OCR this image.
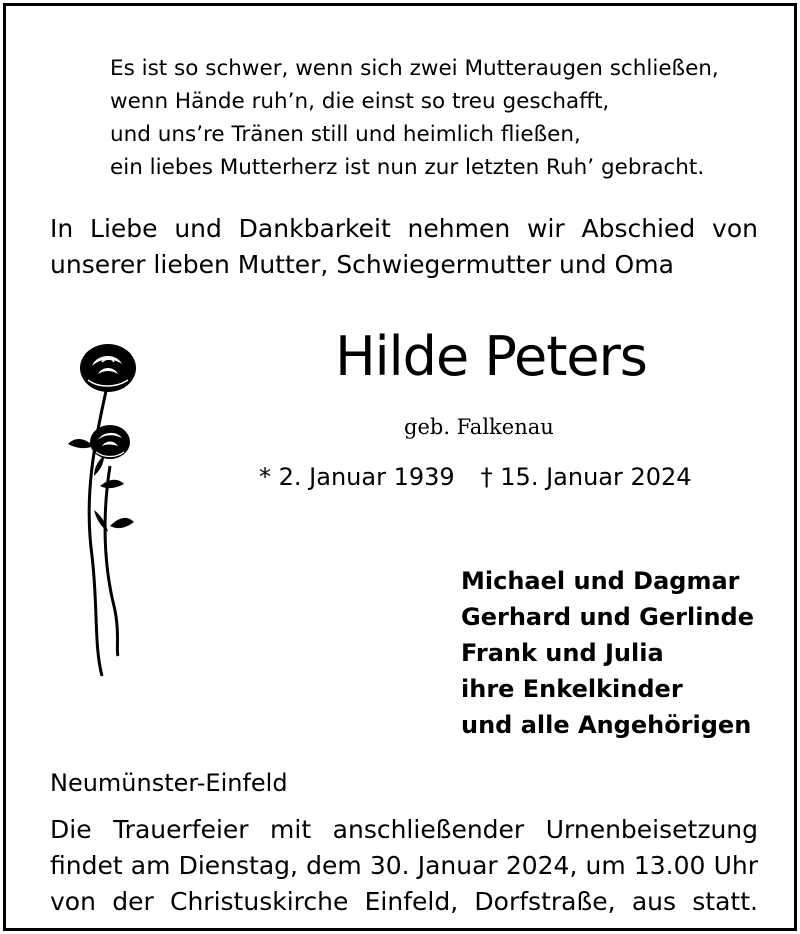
Es ist so schwer, wenn sich zwei Mutteraugen schließen,
wenn Hände ruh’n, die einst so treu geschafft,
und uns’re Tränen still und heimlich fließen,
ein liebes Mutterherz ist nun zur letzten Ruh’ gebracht.
In Liebe und Dankbarkeit nehmen wir Abschied von
unserer lieben Mutter, Schwiegermutter und Oma
Hilde Peters
geb. Falkenau
* 2. Januar 1939 † 15. Januar 2024
Michael und Dagmar
Gerhard und Gerlinde
Frank und Julia
ihre Enkelkinder
und alle Angehörigen
Neumünster-Einfeld
Die Trauerfeier mit anschließender Urnenbeisetzung
findet am Dienstag, dem 30. Januar 2024, um 13.00 Uhr
von der Christuskirche Einfeld, Dorfstraße, aus statt.
